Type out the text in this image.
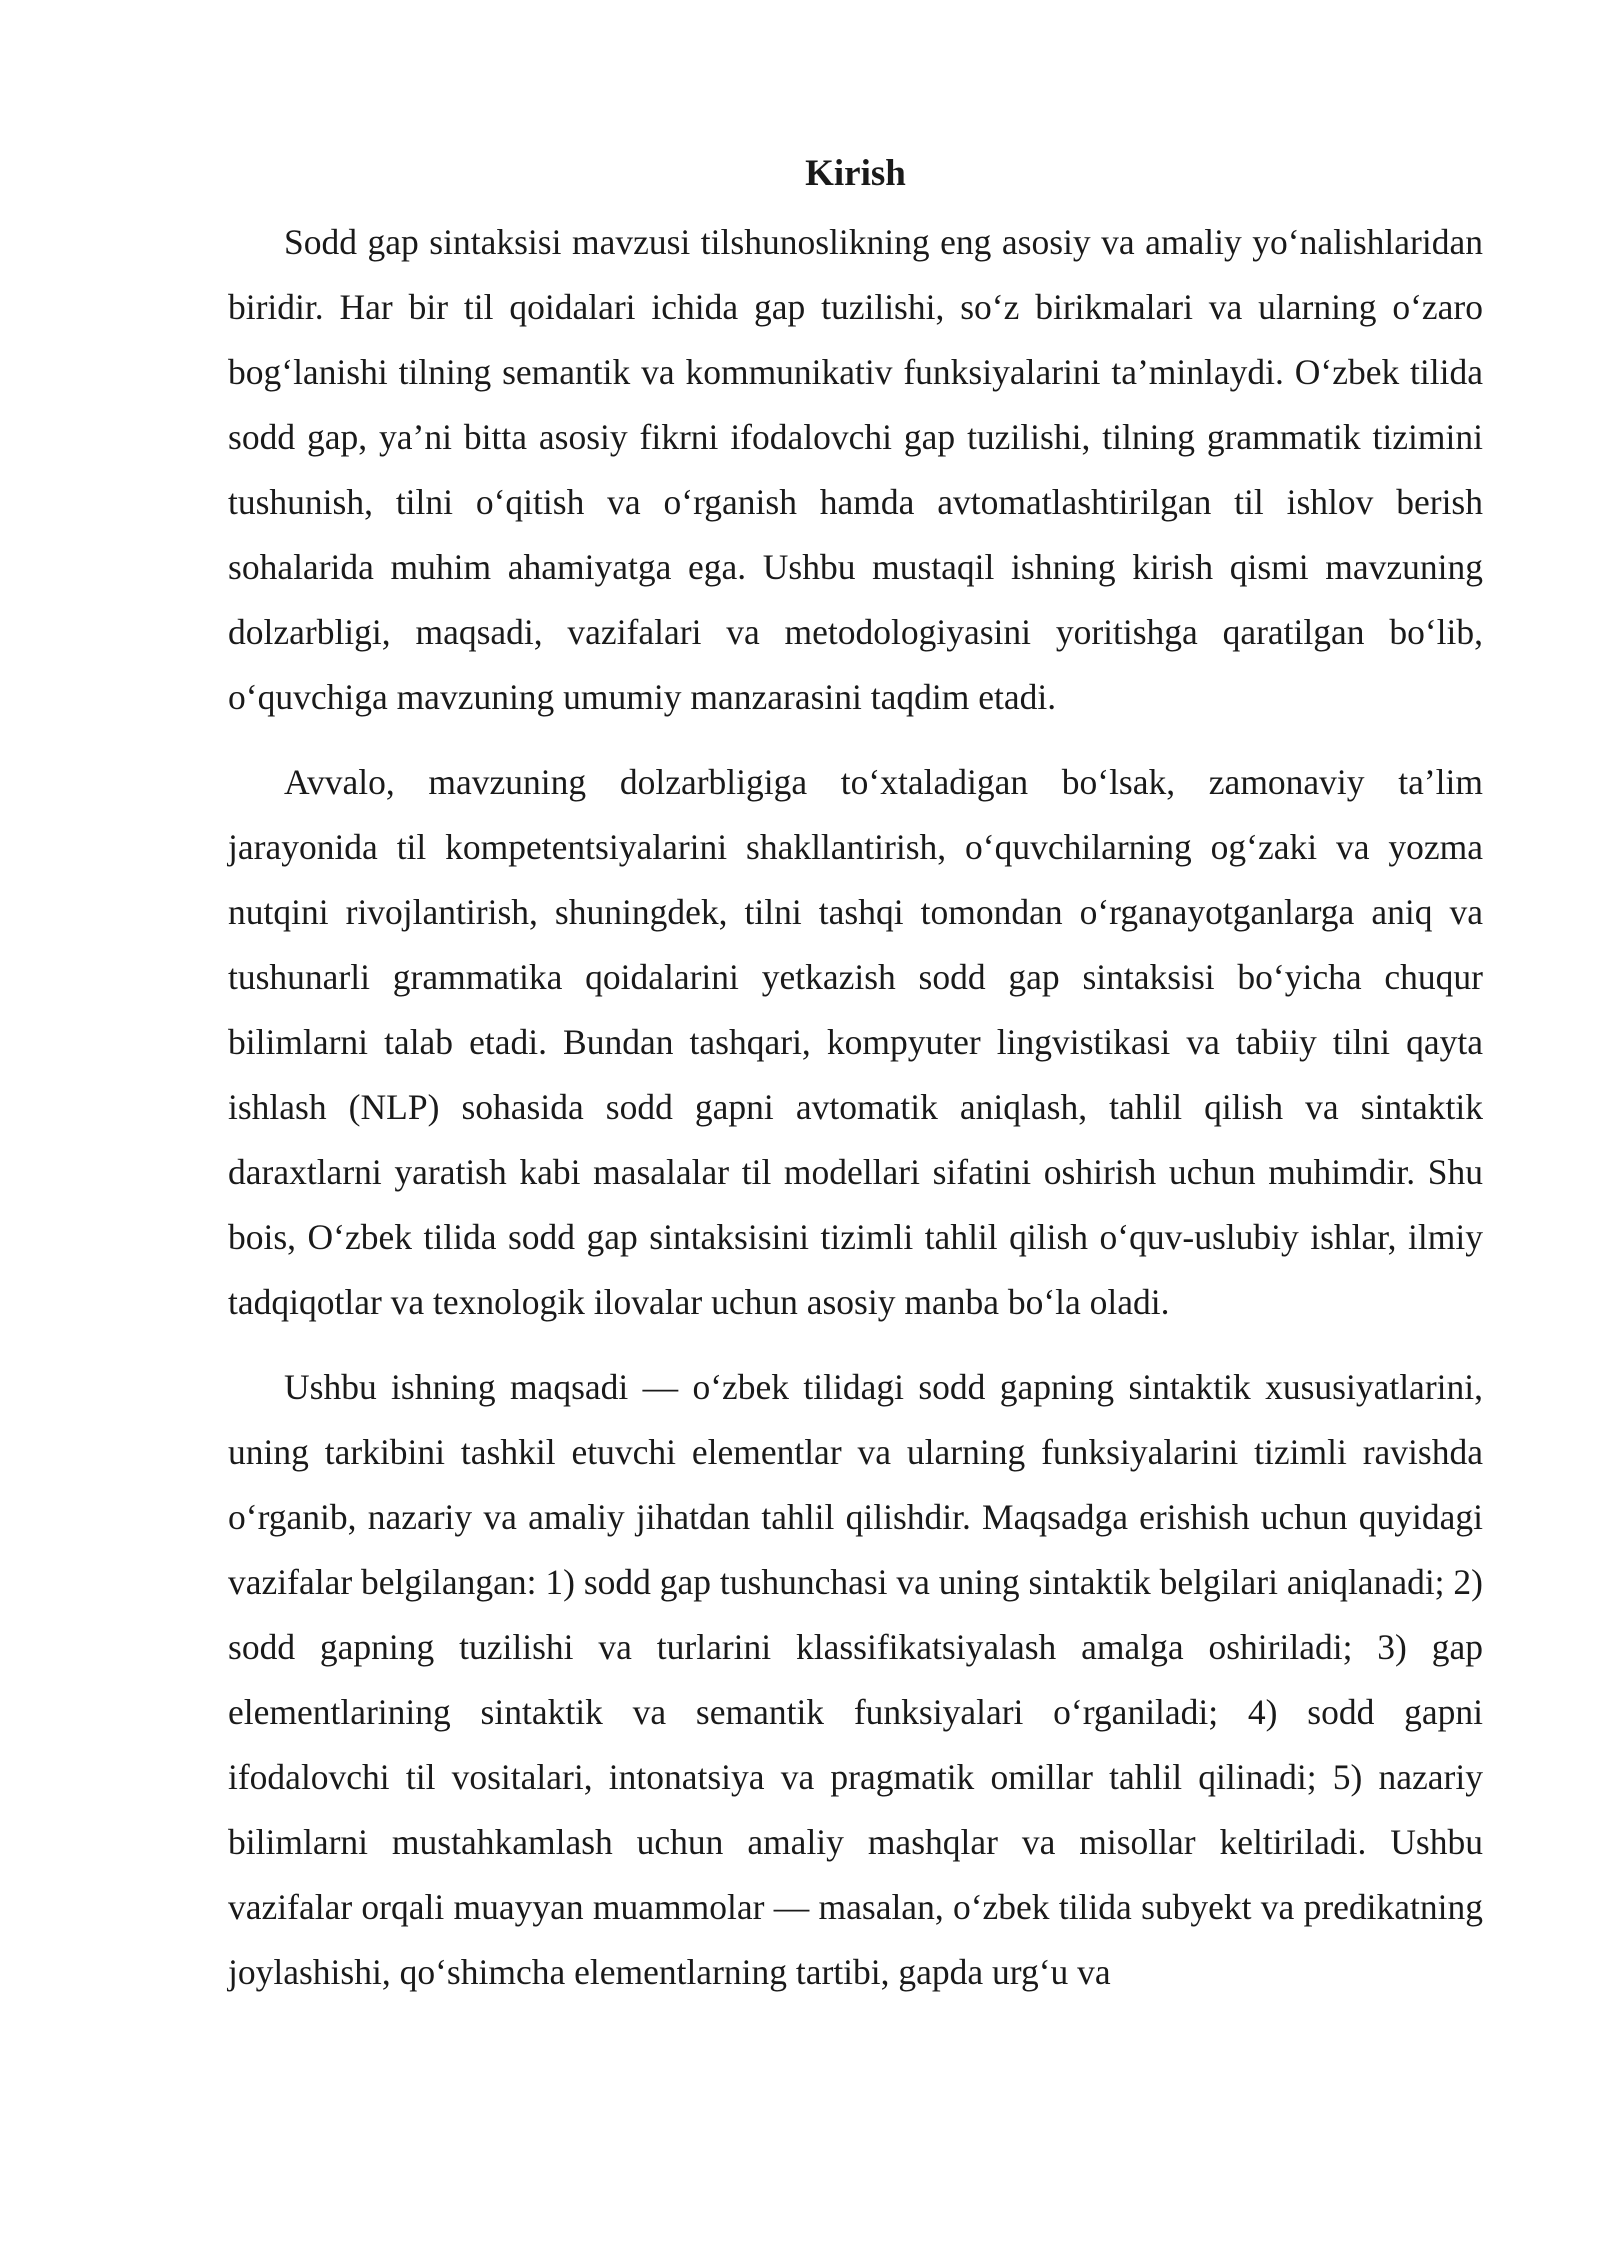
Kirish

Sodd gap sintaksisi mavzusi tilshunoslikning eng asosiy va amaliy yo‘nalishlaridan biridir. Har bir til qoidalari ichida gap tuzilishi, so‘z birikmalari va ularning o‘zaro bog‘lanishi tilning semantik va kommunikativ funksiyalarini ta’minlaydi. O‘zbek tilida sodd gap, ya’ni bitta asosiy fikrni ifodalovchi gap tuzilishi, tilning grammatik tizimini tushunish, tilni o‘qitish va o‘rganish hamda avtomatlashtirilgan til ishlov berish sohalarida muhim ahamiyatga ega. Ushbu mustaqil ishning kirish qismi mavzuning dolzarbligi, maqsadi, vazifalari va metodologiyasini yoritishga qaratilgan bo‘lib, o‘quvchiga mavzuning umumiy manzarasini taqdim etadi.

Avvalo, mavzuning dolzarbligiga to‘xtaladigan bo‘lsak, zamonaviy ta’lim jarayonida til kompetentsiyalarini shakllantirish, o‘quvchilarning og‘zaki va yozma nutqini rivojlantirish, shuningdek, tilni tashqi tomondan o‘rganayotganlarga aniq va tushunarli grammatika qoidalarini yetkazish sodd gap sintaksisi bo‘yicha chuqur bilimlarni talab etadi. Bundan tashqari, kompyuter lingvistikasi va tabiiy tilni qayta ishlash (NLP) sohasida sodd gapni avtomatik aniqlash, tahlil qilish va sintaktik daraxtlarni yaratish kabi masalalar til modellari sifatini oshirish uchun muhimdir. Shu bois, O‘zbek tilida sodd gap sintaksisini tizimli tahlil qilish o‘quv-uslubiy ishlar, ilmiy tadqiqotlar va texnologik ilovalar uchun asosiy manba bo‘la oladi.

Ushbu ishning maqsadi — o‘zbek tilidagi sodd gapning sintaktik xususiyatlarini, uning tarkibini tashkil etuvchi elementlar va ularning funksiyalarini tizimli ravishda o‘rganib, nazariy va amaliy jihatdan tahlil qilishdir. Maqsadga erishish uchun quyidagi vazifalar belgilangan: 1) sodd gap tushunchasi va uning sintaktik belgilari aniqlanadi; 2) sodd gapning tuzilishi va turlarini klassifikatsiyalash amalga oshiriladi; 3) gap elementlarining sintaktik va semantik funksiyalari o‘rganiladi; 4) sodd gapni ifodalovchi til vositalari, intonatsiya va pragmatik omillar tahlil qilinadi; 5) nazariy bilimlarni mustahkamlash uchun amaliy mashqlar va misollar keltiriladi. Ushbu vazifalar orqali muayyan muammolar — masalan, o‘zbek tilida subyekt va predikatning joylashishi, qo‘shimcha elementlarning tartibi, gapda urg‘u va
